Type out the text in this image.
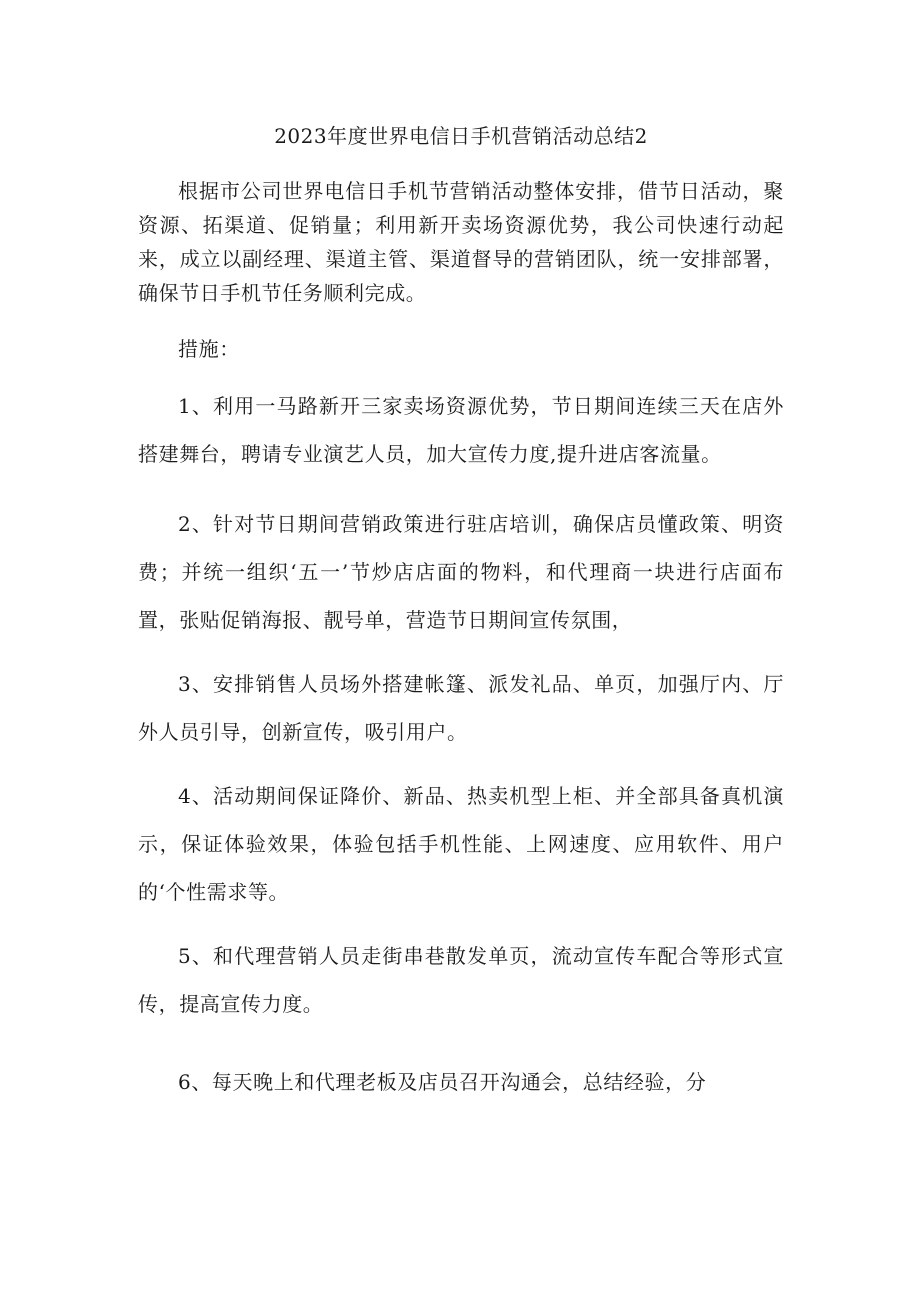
2023年度世界电信日手机营销活动总结2

根据市公司世界电信日手机节营销活动整体安排，借节日活动，聚资源、拓渠道、促销量；利用新开卖场资源优势，我公司快速行动起来，成立以副经理、渠道主管、渠道督导的营销团队，统一安排部署，确保节日手机节任务顺利完成。

措施：

1、利用一马路新开三家卖场资源优势，节日期间连续三天在店外搭建舞台，聘请专业演艺人员，加大宣传力度,提升进店客流量。

2、针对节日期间营销政策进行驻店培训，确保店员懂政策、明资费；并统一组织‘五一’节炒店店面的物料，和代理商一块进行店面布置，张贴促销海报、靓号单，营造节日期间宣传氛围，

3、安排销售人员场外搭建帐篷、派发礼品、单页，加强厅内、厅外人员引导，创新宣传，吸引用户。

4、活动期间保证降价、新品、热卖机型上柜、并全部具备真机演示，保证体验效果，体验包括手机性能、上网速度、应用软件、用户的‘个性需求等。

5、和代理营销人员走街串巷散发单页，流动宣传车配合等形式宣传，提高宣传力度。

6、每天晚上和代理老板及店员召开沟通会，总结经验，分
